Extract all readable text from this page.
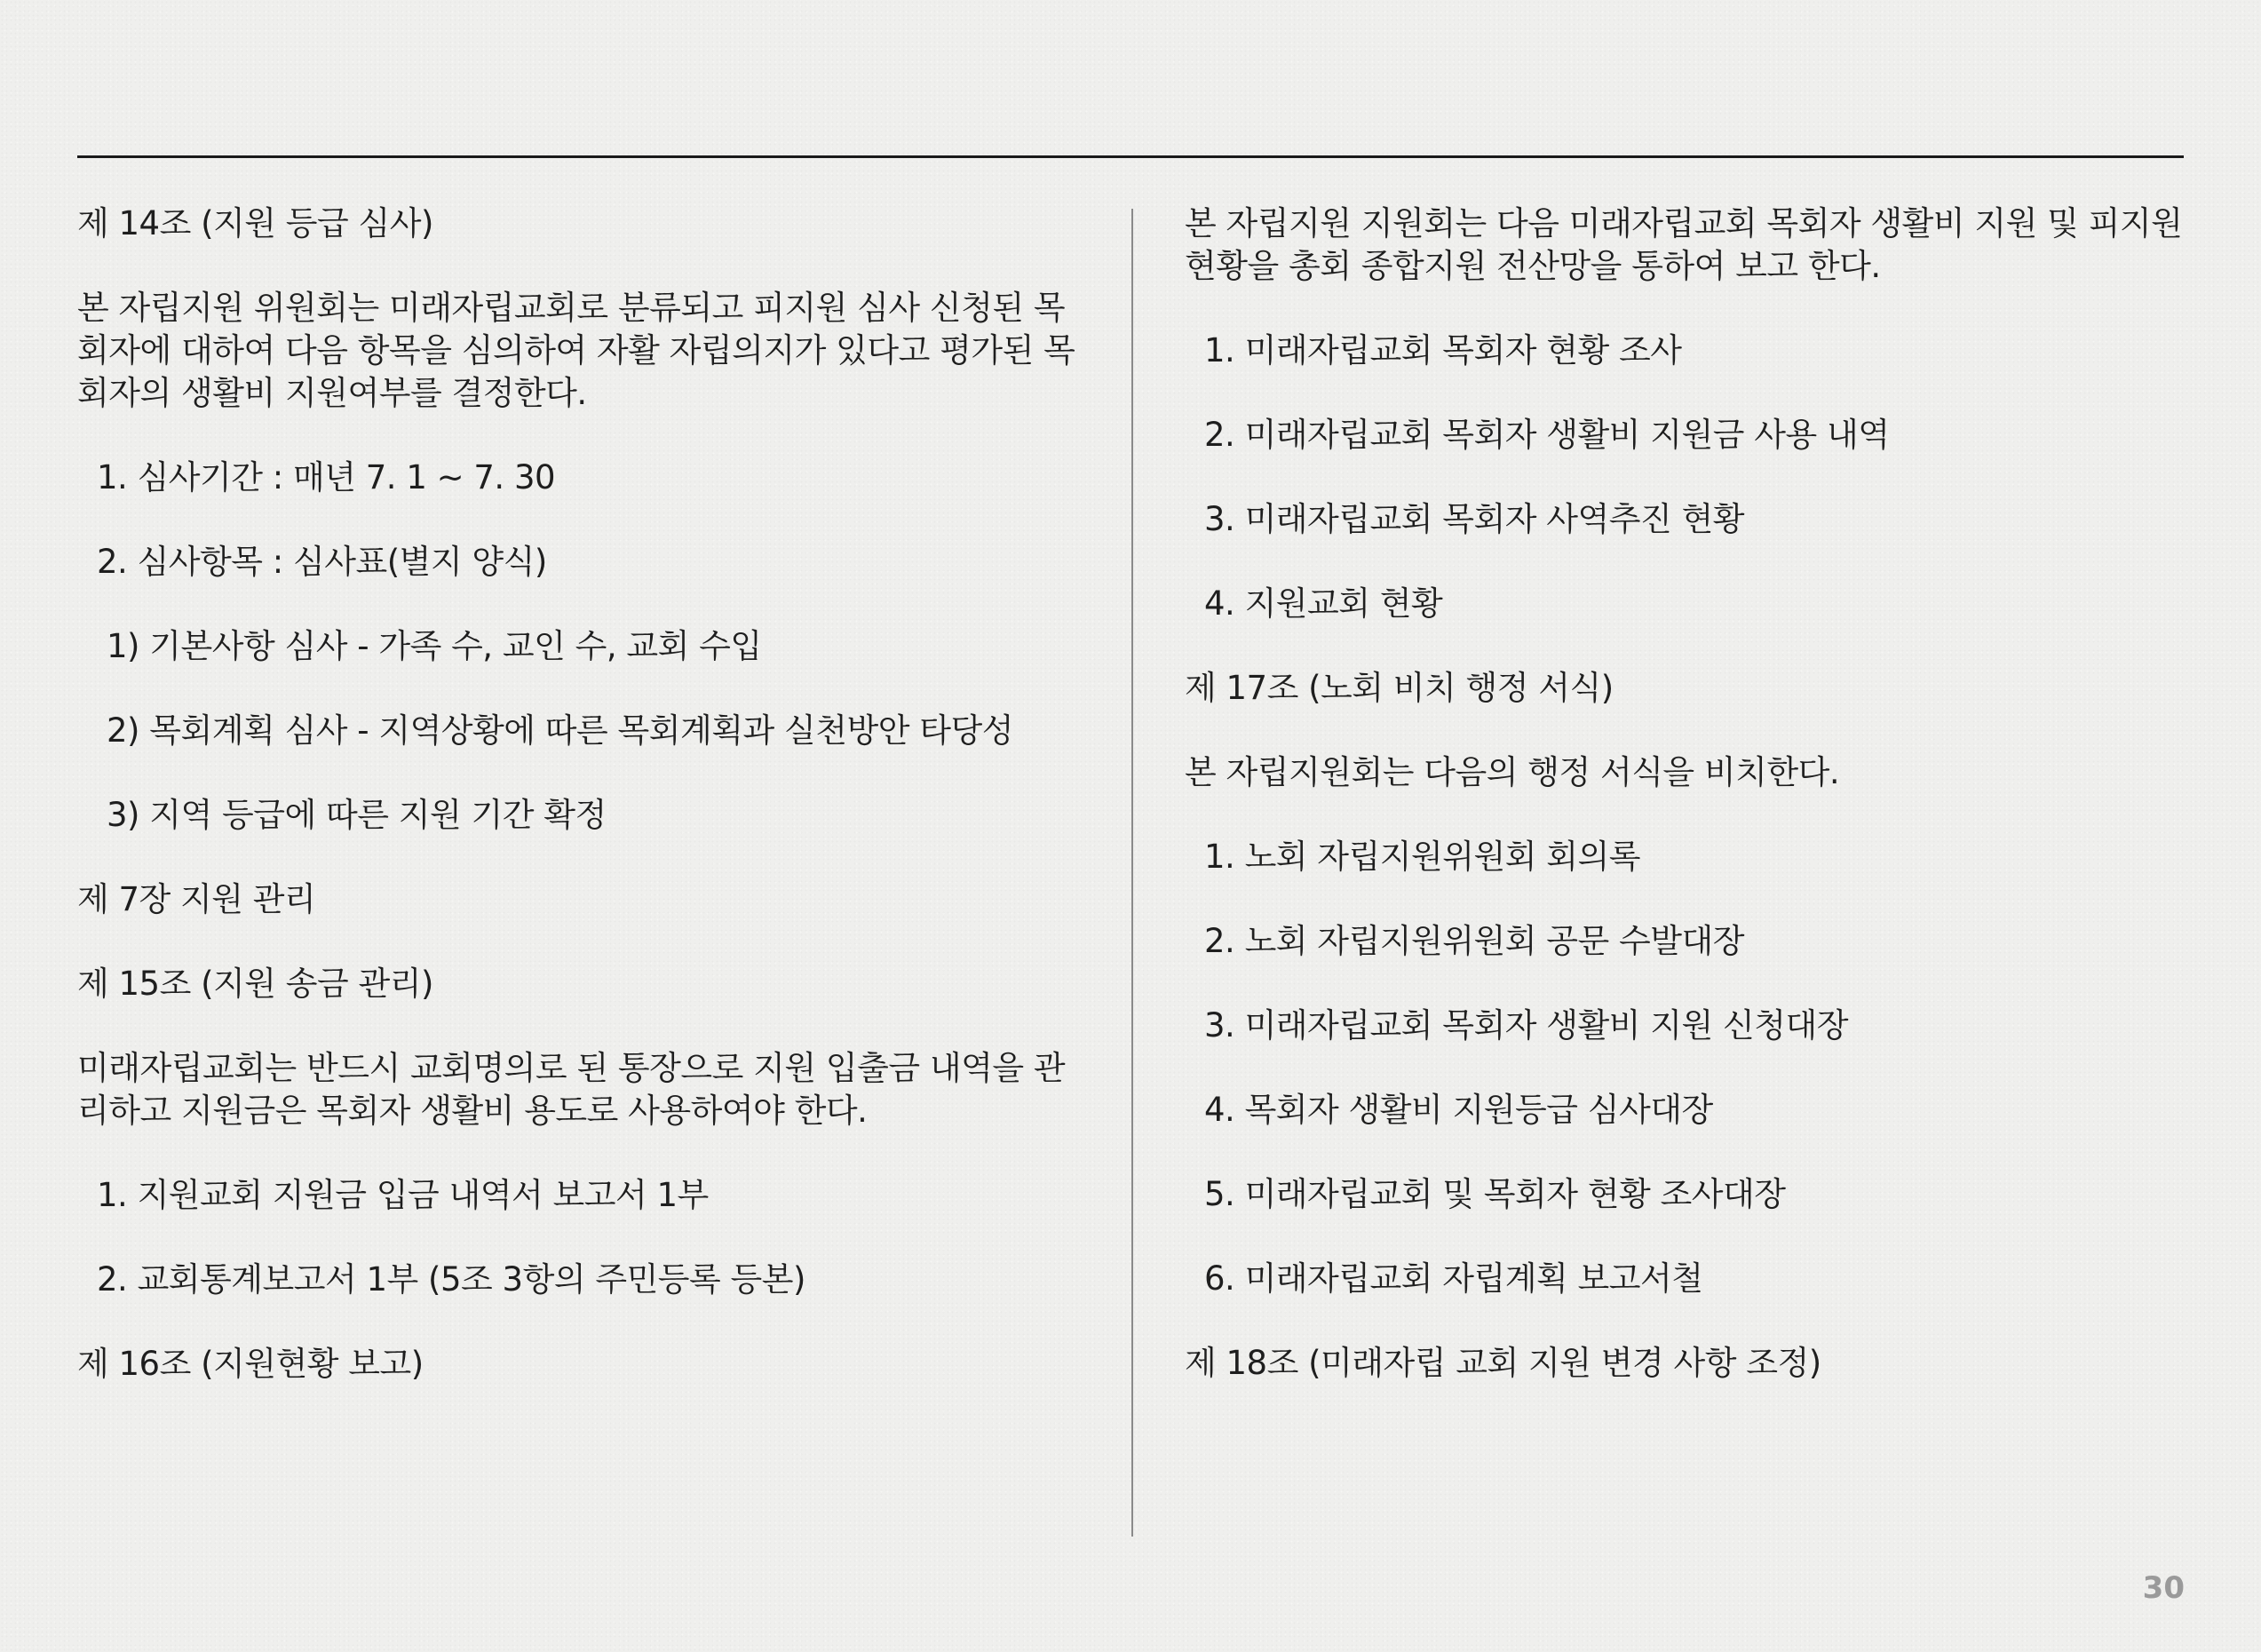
제 14조 (지원 등급 심사)

본 자립지원 위원회는 미래자립교회로 분류되고 피지원 심사 신청된 목회자에 대하여 다음 항목을 심의하여 자활 자립의지가 있다고 평가된 목회자의 생활비 지원여부를 결정한다.

1. 심사기간 : 매년 7. 1 ~ 7. 30

2. 심사항목 : 심사표(별지 양식)

1) 기본사항 심사 - 가족 수, 교인 수, 교회 수입

2) 목회계획 심사 - 지역상황에 따른 목회계획과 실천방안 타당성

3) 지역 등급에 따른 지원 기간 확정

제 7장 지원 관리

제 15조 (지원 송금 관리)

미래자립교회는 반드시 교회명의로 된 통장으로 지원 입출금 내역을 관리하고 지원금은 목회자 생활비 용도로 사용하여야 한다.

1. 지원교회 지원금 입금 내역서 보고서 1부

2. 교회통계보고서 1부 (5조 3항의 주민등록 등본)

제 16조 (지원현황 보고)

본 자립지원 지원회는 다음 미래자립교회 목회자 생활비 지원 및 피지원 현황을 총회 종합지원 전산망을 통하여 보고 한다.

1. 미래자립교회 목회자 현황 조사

2. 미래자립교회 목회자 생활비 지원금 사용 내역

3. 미래자립교회 목회자 사역추진 현황

4. 지원교회 현황

제 17조 (노회 비치 행정 서식)

본 자립지원회는 다음의 행정 서식을 비치한다.

1. 노회 자립지원위원회 회의록

2. 노회 자립지원위원회 공문 수발대장

3. 미래자립교회 목회자 생활비 지원 신청대장

4. 목회자 생활비 지원등급 심사대장

5. 미래자립교회 및 목회자 현황 조사대장

6. 미래자립교회 자립계획 보고서철

제 18조 (미래자립 교회 지원 변경 사항 조정)

30
